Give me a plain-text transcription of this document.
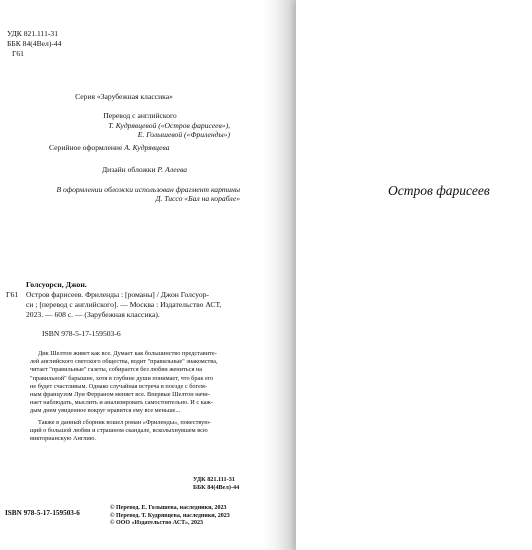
УДК 821.111-31
ББК 84(4Вел)-44
Г61
Серия «Зарубежная классика»
Перевод с английского
Т. Кудрявцевой («Остров фарисеев»),
Е. Голышевой («Фриленды»)
Серийное оформление А. Кудрявцева
Дизайн обложки Р. Алеева
В оформлении обложки использован фрагмент картины
Д. Тиссо «Бал на корабле»
Голсуорси, Джон.
Г61 Остров фарисеев. Фриленды : [романы] / Джон Голсуор-
си ; [перевод с английского]. — Москва : Издательство АСТ,
2023. — 608 с. — (Зарубежная классика).
ISBN 978-5-17-159503-6
Дик Шелтон живет как все. Думает как большинство представите-
лей английского светского общества, водит "правильные" знакомства,
читает "правильные" газеты, собирается без любви жениться на
"правильной" барышне, хотя в глубине души понимает, что брак его
не будет счастливым. Однако случайная встреча в поезде с богем-
ным французом Луи Ферраном меняет все. Впервые Шелтон начи-
нает наблюдать, мыслить и анализировать самостоятельно. И с каж-
дым днем увиденное вокруг нравится ему все меньше...
Также в данный сборник вошел роман «Фриленды», повествую-
щий о большой любви и страшном скандале, всколыхнувшем всю
викторианскую Англию.
УДК 821.111-31
ББК 84(4Вел)-44
ISBN 978-5-17-159503-6
© Перевод. Е. Голышева, наследники, 2023
© Перевод. Т. Кудрявцева, наследники, 2023
© ООО «Издательство АСТ», 2023
Остров фарисеев
